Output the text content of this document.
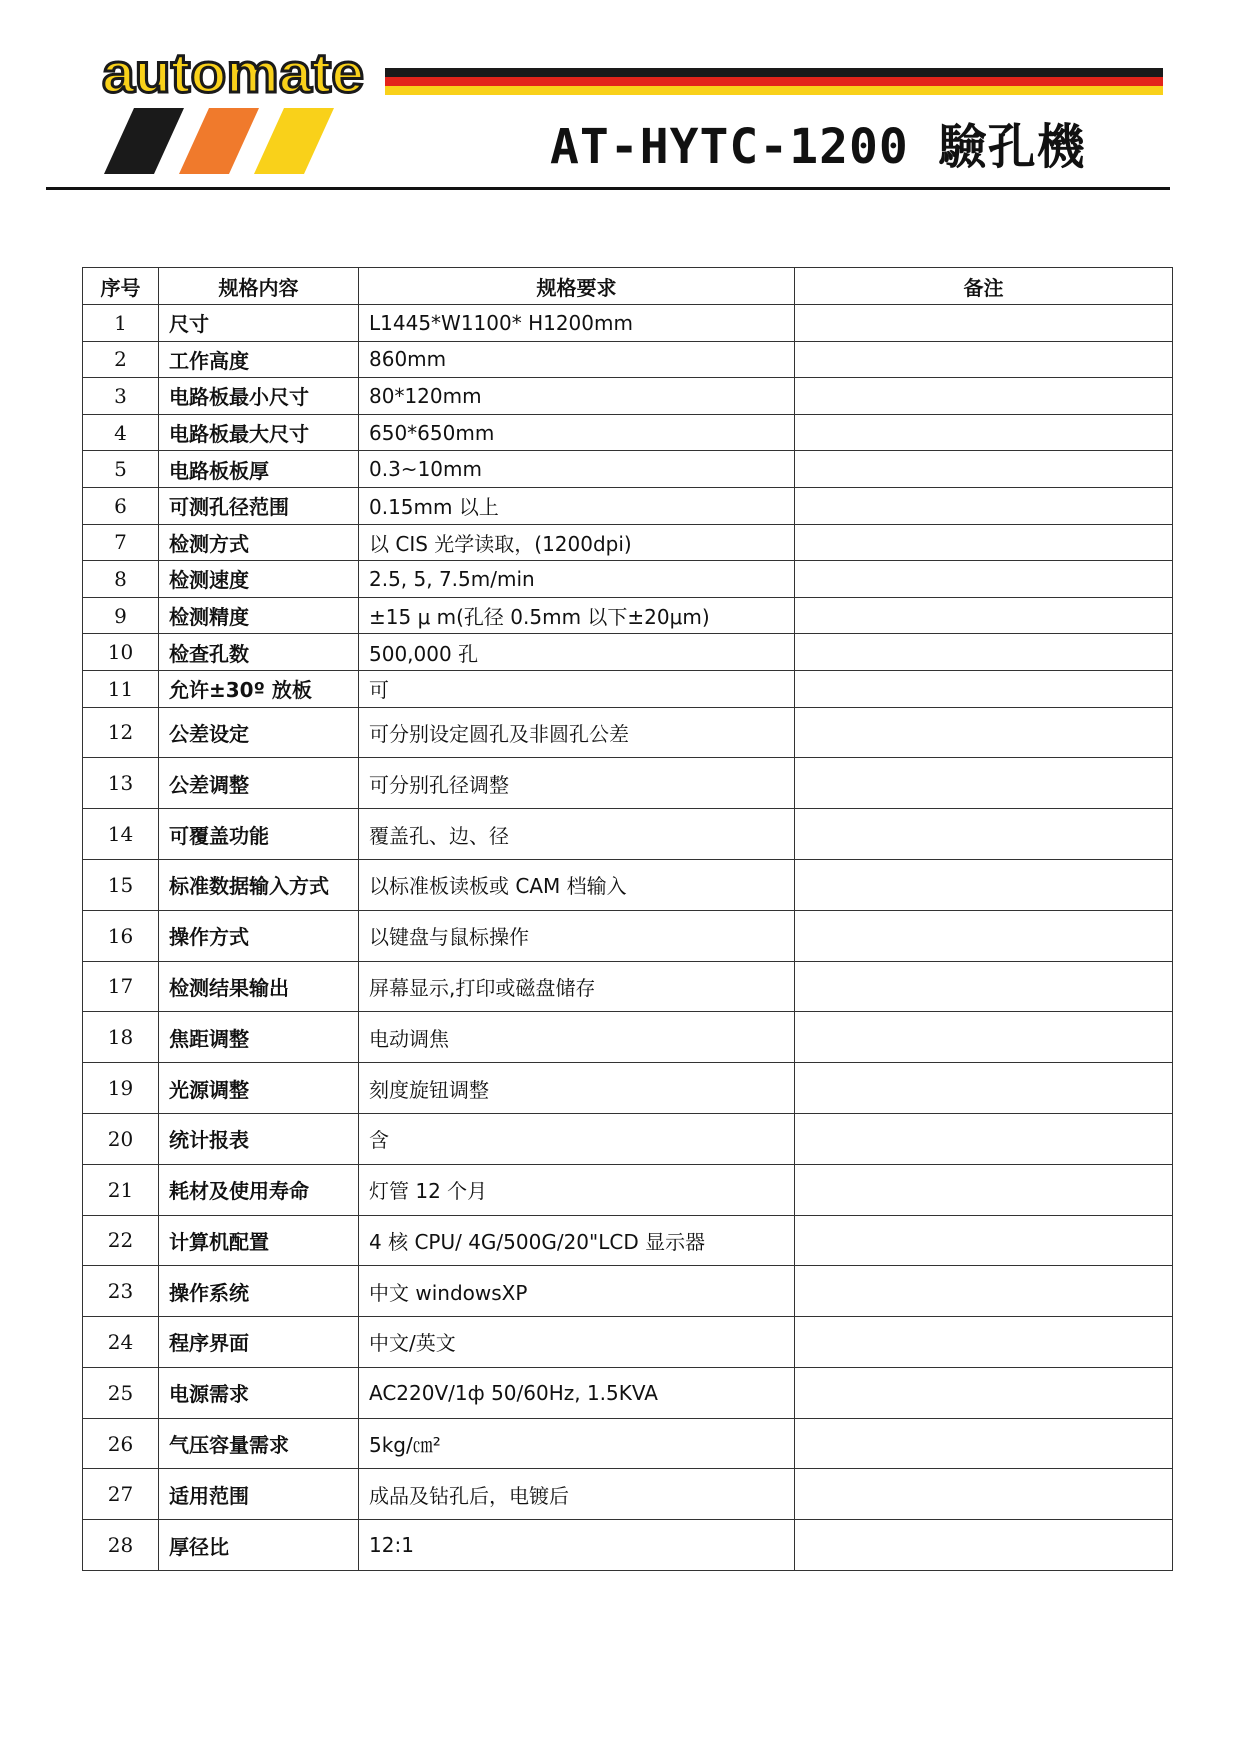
automate
AT-HYTC-1200 驗孔機
序号	规格内容	规格要求	备注
1	尺寸	L1445*W1100* H1200mm	
2	工作高度	860mm	
3	电路板最小尺寸	80*120mm	
4	电路板最大尺寸	650*650mm	
5	电路板板厚	0.3~10mm	
6	可测孔径范围	0.15mm 以上	
7	检测方式	以 CIS 光学读取，(1200dpi)	
8	检测速度	2.5, 5, 7.5m/min	
9	检测精度	±15 μ m(孔径 0.5mm 以下±20μm)	
10	检查孔数	500,000 孔	
11	允许±30º 放板	可	
12	公差设定	可分别设定圆孔及非圆孔公差	
13	公差调整	可分别孔径调整	
14	可覆盖功能	覆盖孔、边、径	
15	标准数据输入方式	以标准板读板或 CAM 档输入	
16	操作方式	以键盘与鼠标操作	
17	检测结果输出	屏幕显示,打印或磁盘储存	
18	焦距调整	电动调焦	
19	光源调整	刻度旋钮调整	
20	统计报表	含	
21	耗材及使用寿命	灯管 12 个月	
22	计算机配置	4 核 CPU/ 4G/500G/20"LCD 显示器	
23	操作系统	中文 windowsXP	
24	程序界面	中文/英文	
25	电源需求	AC220V/1ф 50/60Hz, 1.5KVA	
26	气压容量需求	5kg/㎝²	
27	适用范围	成品及钻孔后，电镀后	
28	厚径比	12:1	
